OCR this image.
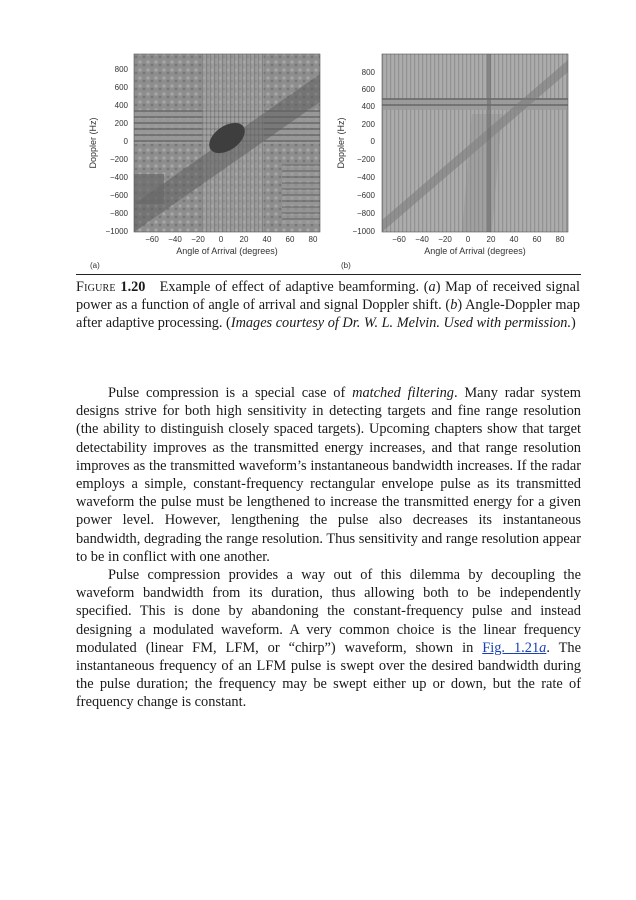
800
600
400
200
0
−200
−400
−600
−800
−1000
−60 −40 −20 0 20 40 60 80
Doppler (Hz)
Angle of Arrival (degrees)
(a)
800
600
400
200
0
−200
−400
−600
−800
−1000
−60 −40 −20 0 20 40 60 80
Doppler (Hz)
Angle of Arrival (degrees)
(b)
Figure 1.20 Example of effect of adaptive beamforming. (a) Map of received signal power as a function of angle of arrival and signal Doppler shift. (b) Angle-Doppler map after adaptive processing. (Images courtesy of Dr. W. L. Melvin. Used with permission.)

Pulse compression is a special case of matched filtering. Many radar system designs strive for both high sensitivity in detecting targets and fine range resolution (the ability to distinguish closely spaced targets). Upcoming chapters show that target detectability improves as the transmitted energy increases, and that range resolution improves as the transmitted waveform’s instantaneous bandwidth increases. If the radar employs a simple, constant-frequency rectangular envelope pulse as its transmitted waveform the pulse must be lengthened to increase the transmitted energy for a given power level. However, lengthening the pulse also decreases its instantaneous bandwidth, degrading the range resolution. Thus sensitivity and range resolution appear to be in conflict with one another.

Pulse compression provides a way out of this dilemma by decoupling the waveform bandwidth from its duration, thus allowing both to be independently specified. This is done by abandoning the constant-frequency pulse and instead designing a modulated waveform. A very common choice is the linear frequency modulated (linear FM, LFM, or “chirp”) waveform, shown in Fig. 1.21a. The instantaneous frequency of an LFM pulse is swept over the desired bandwidth during the pulse duration; the frequency may be swept either up or down, but the rate of frequency change is constant.
